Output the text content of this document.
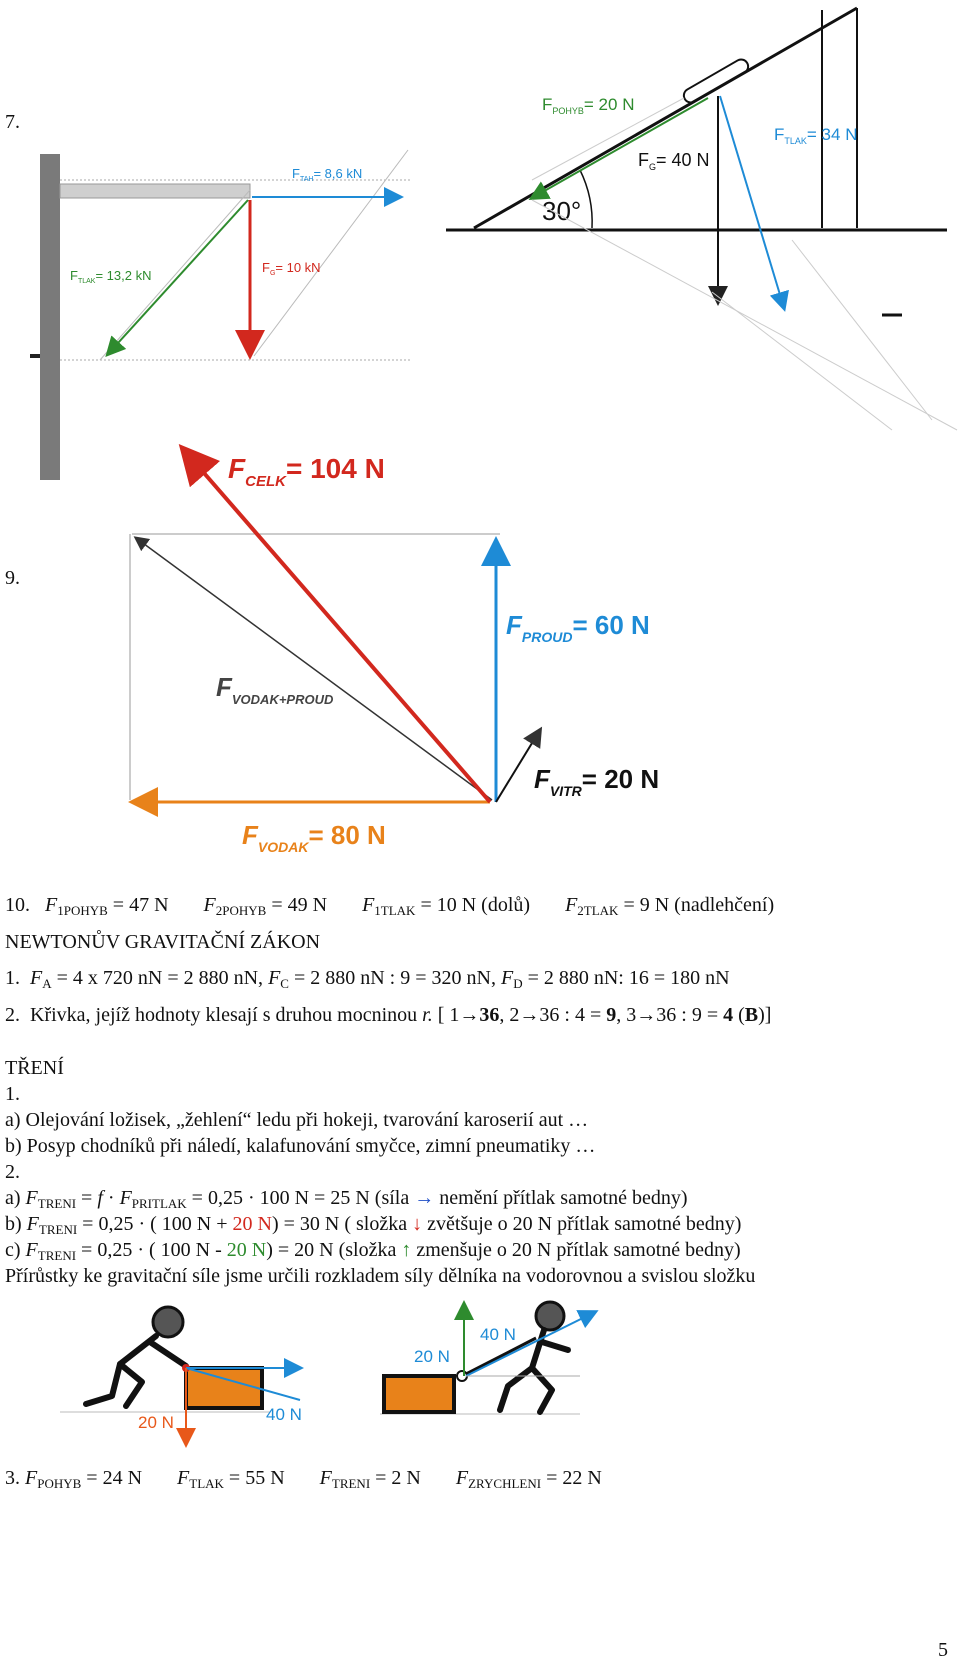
7.
9.
$F_{TAH}= 8,6$ kN
$F_{TLAK}= 13,2$ kN
$F_G= 10$ kN
30°
$F_{POHYB}= 20$ N
$F_G= 40$ N
$F_{TLAK}= 34$ N
$F_{CELK}= 104$ N
$F_{PROUD}= 60$ N
$F_{VODAK+PROUD}$
$F_{VITR}= 20$ N
$F_{VODAK}= 80$ N
10. $F_{1POHYB} = 47$ N $F_{2POHYB} = 49$ N $F_{1TLAK} = 10$ N (dolů) $F_{2TLAK} = 9$ N (nadlehčení)
NEWTONŮV GRAVITAČNÍ ZÁKON
1. $F_A = 4$ x 720 nN = 2 880 nN, $F_C = 2$ 880 nN : 9 = 320 nN, $F_D = 2$ 880 nN: 16 = 180 nN
2. Křivka, jejíž hodnoty klesají s druhou mocninou r. [ 1→36, 2→36 : 4 = 9, 3→36 : 9 = 4 (B)]
TŘENÍ
1.
a) Olejování ložisek, „žehlení“ ledu při hokeji, tvarování karoserií aut …
b) Posyp chodníků při náledí, kalafunování smyčce, zimní pneumatiky …
2.
a) $F_{TRENI} = f \cdot F_{PRITLAK} = 0,25 \cdot 100$ N = 25 N (síla → nemění přítlak samotné bedny)
b) $F_{TRENI} = 0,25$ · ( 100 N + 20 N) = 30 N ( složka ↓ zvětšuje o 20 N přítlak samotné bedny)
c) $F_{TRENI} = 0,25$ · ( 100 N - 20 N) = 20 N (složka ↑ zmenšuje o 20 N přítlak samotné bedny)
Přírůstky ke gravitační síle jsme určili rozkladem síly dělníka na vodorovnou a svislou složku
20 N	40 N
20 N
40 N
3. $F_{POHYB} = 24$ N $F_{TLAK} = 55$ N $F_{TRENI} = 2$ N $F_{ZRYCHLENI} = 22$ N
5
